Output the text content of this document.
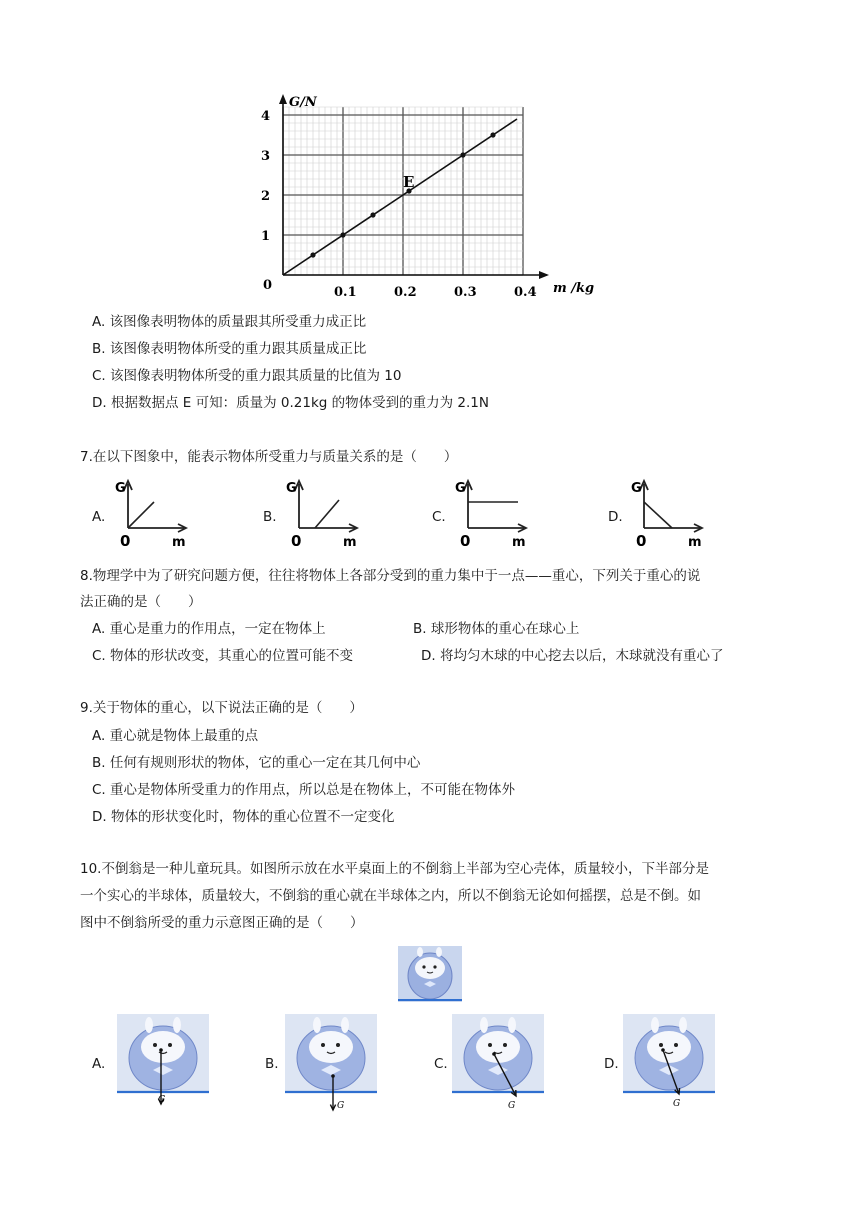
G/N
m /kg
0
E
0.1	0.2	0.3	0.4
1
2
3
4
A. 该图像表明物体的质量跟其所受重力成正比
B. 该图像表明物体所受的重力跟其质量成正比
C. 该图像表明物体所受的重力跟其质量的比值为 10
D. 根据数据点 E 可知：质量为 0.21kg 的物体受到的重力为 2.1N
7.在以下图象中，能表示物体所受重力与质量关系的是（　　）
A.
G
0	m
B.
G
0	m
C.
G
0	m
D.
G
0	m
8.物理学中为了研究问题方便，往往将物体上各部分受到的重力集中于一点——重心，下列关于重心的说
法正确的是（　　）
A. 重心是重力的作用点，一定在物体上	B. 球形物体的重心在球心上
C. 物体的形状改变，其重心的位置可能不变	D. 将均匀木球的中心挖去以后，木球就没有重心了
9.关于物体的重心，以下说法正确的是（　　）
A. 重心就是物体上最重的点
B. 任何有规则形状的物体，它的重心一定在其几何中心
C. 重心是物体所受重力的作用点，所以总是在物体上，不可能在物体外
D. 物体的形状变化时，物体的重心位置不一定变化
10.不倒翁是一种儿童玩具。如图所示放在水平桌面上的不倒翁上半部为空心壳体，质量较小，下半部分是
一个实心的半球体，质量较大，不倒翁的重心就在半球体之内，所以不倒翁无论如何摇摆，总是不倒。如
图中不倒翁所受的重力示意图正确的是（　　）
A.
G
B.
G
C.
G
D.
G
